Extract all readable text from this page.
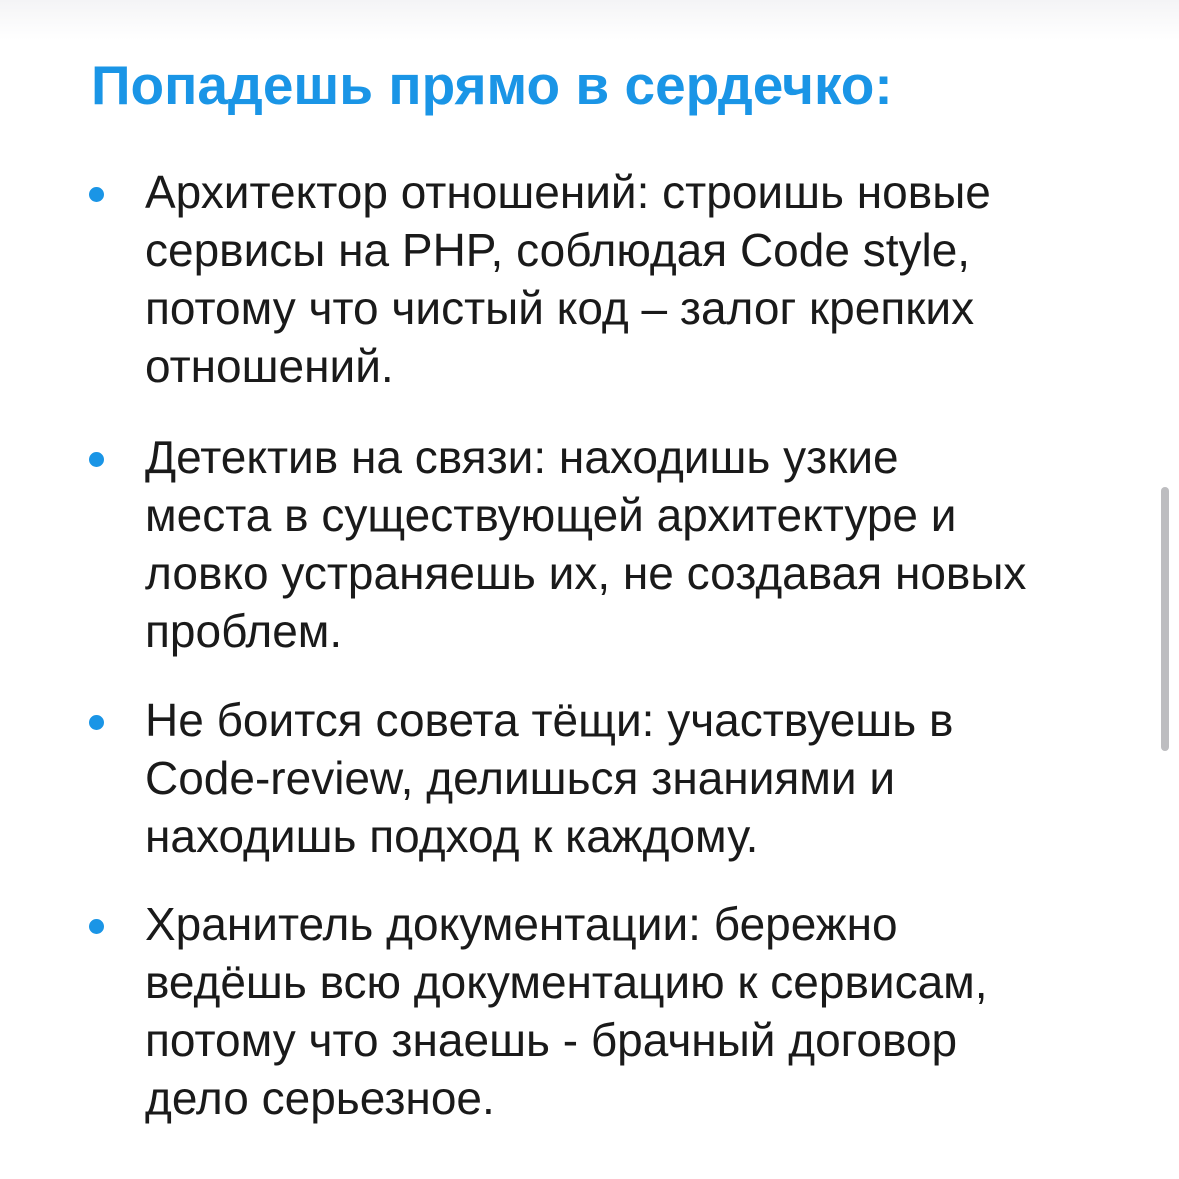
Попадешь прямо в сердечко:

Архитектор отношений: строишь новые
сервисы на PHP, соблюдая Code style,
потому что чистый код – залог крепких
отношений.

Детектив на связи: находишь узкие
места в существующей архитектуре и
ловко устраняешь их, не создавая новых
проблем.

Не боится совета тёщи: участвуешь в
Code-review, делишься знаниями и
находишь подход к каждому.

Хранитель документации: бережно
ведёшь всю документацию к сервисам,
потому что знаешь - брачный договор
дело серьезное.
